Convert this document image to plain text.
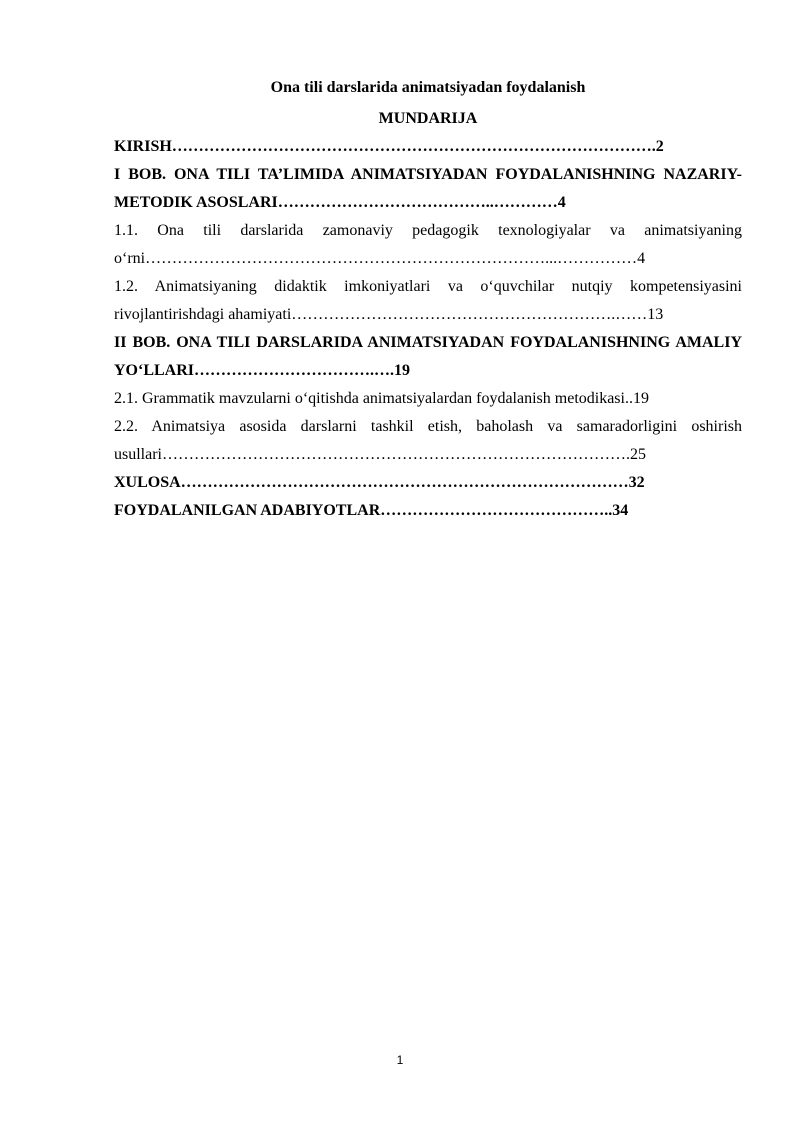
Ona tili darslarida animatsiyadan foydalanish

MUNDARIJA

KIRISH……………………………………………………………………………….2

I BOB. ONA TILI TA’LIMIDA ANIMATSIYADAN FOYDALANISHNING NAZARIY-METODIK ASOSLARI…………………………………..…………4

1.1. Ona tili darslarida zamonaviy pedagogik texnologiyalar va animatsiyaning o‘rni…………………………………………………………………...……………4

1.2. Animatsiyaning didaktik imkoniyatlari va o‘quvchilar nutqiy kompetensiyasini rivojlantirishdagi ahamiyati…………………………………………………….……13

II BOB. ONA TILI DARSLARIDA ANIMATSIYADAN FOYDALANISHNING AMALIY YO‘LLARI…………………………….….19

2.1. Grammatik mavzularni o‘qitishda animatsiyalardan foydalanish metodikasi..19

2.2. Animatsiya asosida darslarni tashkil etish, baholash va samaradorligini oshirish usullari…………………………………………………………………………….25

XULOSA…………………………………………………………………………32

FOYDALANILGAN ADABIYOTLAR……………………………………..34

1
